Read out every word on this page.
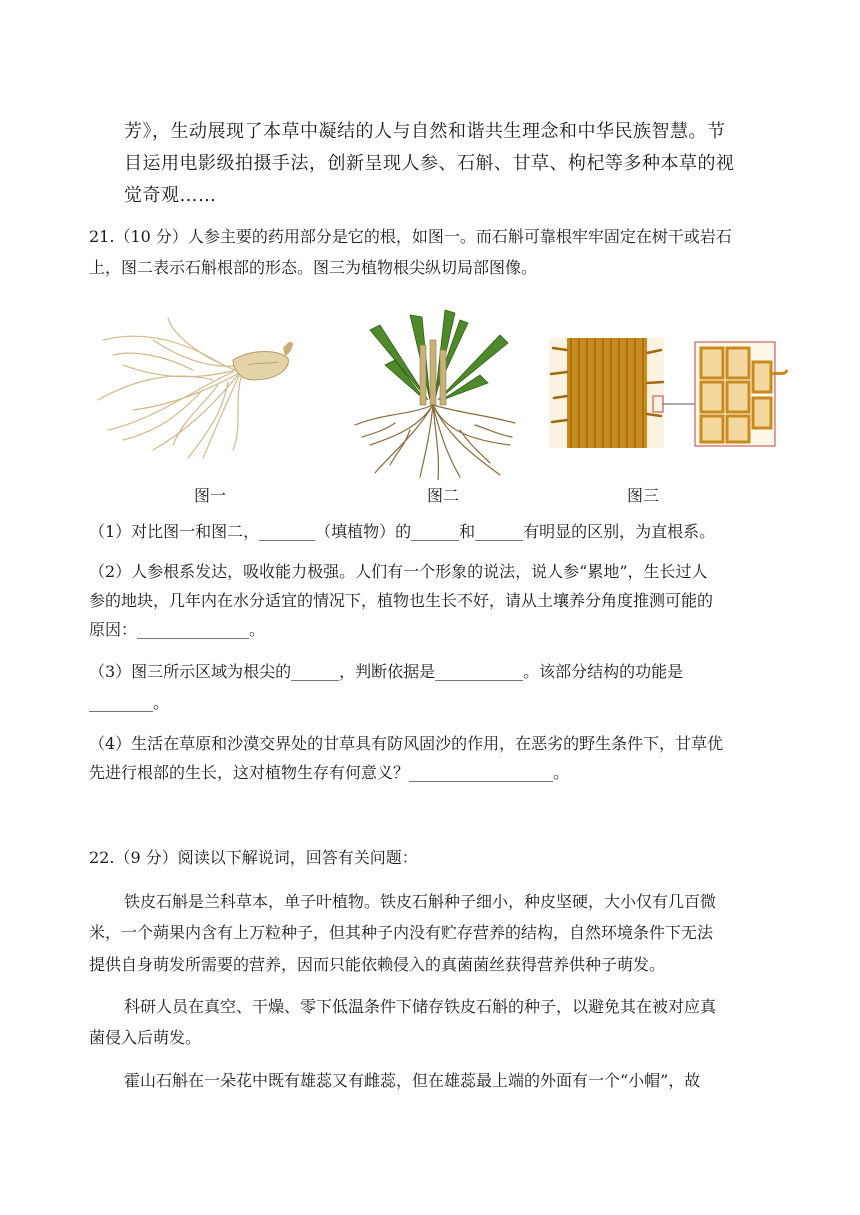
芳》，生动展现了本草中凝结的人与自然和谐共生理念和中华民族智慧。节
目运用电影级拍摄手法，创新呈现人参、石斛、甘草、枸杞等多种本草的视
觉奇观……
21.（10 分）人参主要的药用部分是它的根，如图一。而石斛可靠根牢牢固定在树干或岩石
上，图二表示石斛根部的形态。图三为植物根尖纵切局部图像。
图一	图二	图三
（1）对比图一和图二，_______（填植物）的______和______有明显的区别，为直根系。
（2）人参根系发达，吸收能力极强。人们有一个形象的说法，说人参“累地”，生长过人
参的地块，几年内在水分适宜的情况下，植物也生长不好，请从土壤养分角度推测可能的
原因：______________。
（3）图三所示区域为根尖的______，判断依据是___________。该部分结构的功能是
________。
（4）生活在草原和沙漠交界处的甘草具有防风固沙的作用，在恶劣的野生条件下，甘草优
先进行根部的生长，这对植物生存有何意义？__________________。
22.（9 分）阅读以下解说词，回答有关问题：
铁皮石斛是兰科草本，单子叶植物。铁皮石斛种子细小，种皮坚硬，大小仅有几百微
米，一个蒴果内含有上万粒种子，但其种子内没有贮存营养的结构，自然环境条件下无法
提供自身萌发所需要的营养，因而只能依赖侵入的真菌菌丝获得营养供种子萌发。
科研人员在真空、干燥、零下低温条件下储存铁皮石斛的种子，以避免其在被对应真
菌侵入后萌发。
霍山石斛在一朵花中既有雄蕊又有雌蕊，但在雄蕊最上端的外面有一个“小帽”，故
